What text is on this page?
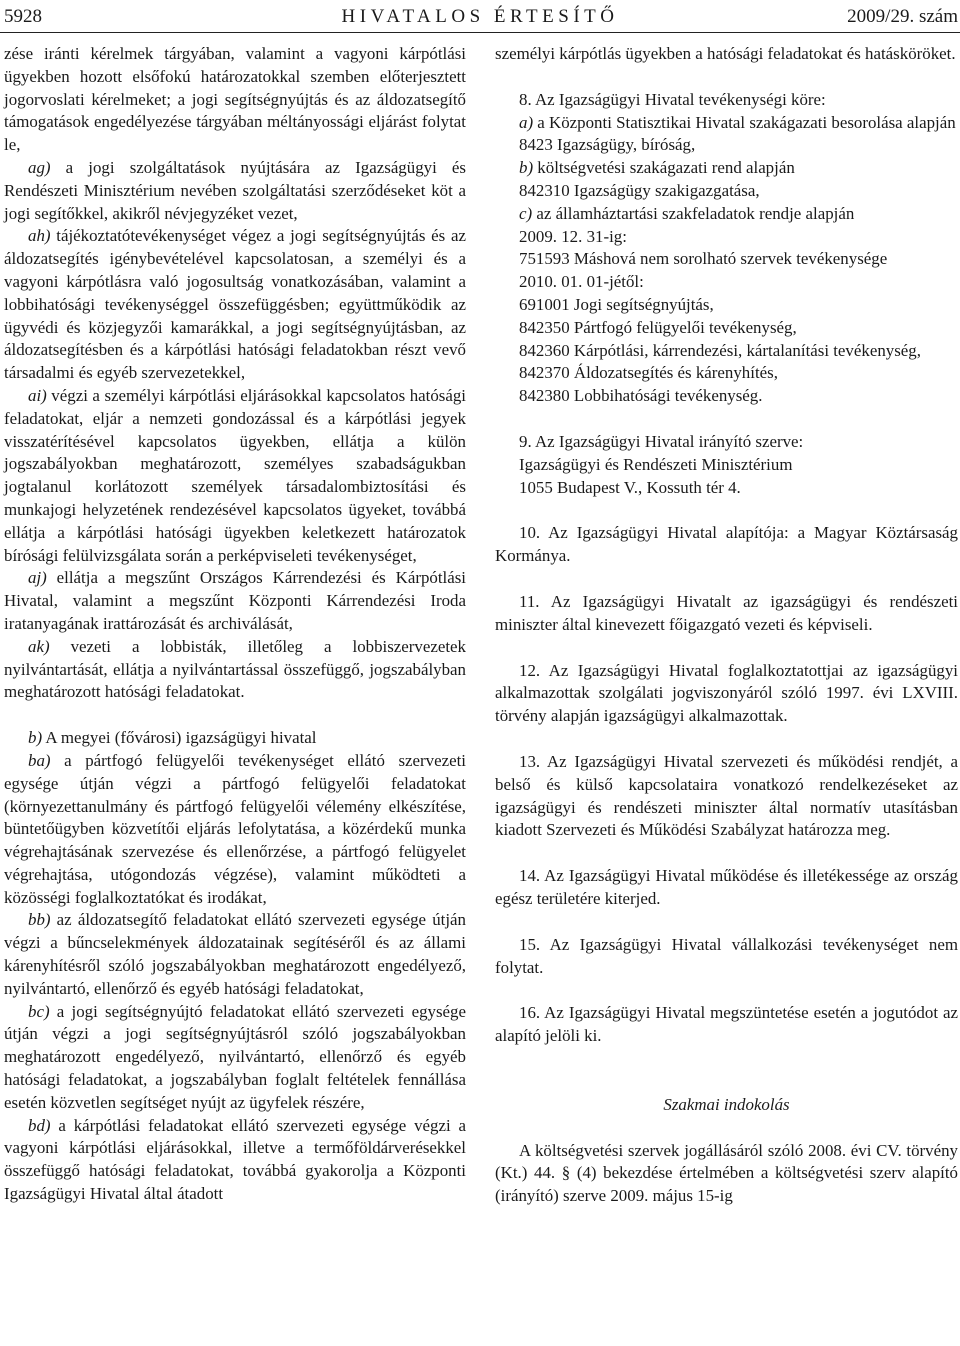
5928	HIVATALOS ÉRTESÍTŐ	2009/29. szám

zése iránti kérelmek tárgyában, valamint a vagyoni kárpótlási ügyekben hozott elsőfokú határozatokkal szemben előterjesztett jogorvoslati kérelmeket; a jogi segítségnyújtás és az áldozatsegítő támogatások engedélyezése tárgyában méltányossági eljárást folytat le,

ag) a jogi szolgáltatások nyújtására az Igazságügyi és Rendészeti Minisztérium nevében szolgáltatási szerződéseket köt a jogi segítőkkel, akikről névjegyzéket vezet,

ah) tájékoztatótevékenységet végez a jogi segítségnyújtás és az áldozatsegítés igénybevételével kapcsolatosan, a személyi és a vagyoni kárpótlásra való jogosultság vonatkozásában, valamint a lobbihatósági tevékenységgel összefüggésben; együttműködik az ügyvédi és közjegyzői kamarákkal, a jogi segítségnyújtásban, az áldozatsegítésben és a kárpótlási hatósági feladatokban részt vevő társadalmi és egyéb szervezetekkel,

ai) végzi a személyi kárpótlási eljárásokkal kapcsolatos hatósági feladatokat, eljár a nemzeti gondozással és a kárpótlási jegyek visszatérítésével kapcsolatos ügyekben, ellátja a külön jogszabályokban meghatározott, személyes szabadságukban jogtalanul korlátozott személyek társadalombiztosítási és munkajogi helyzetének rendezésével kapcsolatos ügyeket, továbbá ellátja a kárpótlási hatósági ügyekben keletkezett határozatok bírósági felülvizsgálata során a perképviseleti tevékenységet,

aj) ellátja a megszűnt Országos Kárrendezési és Kárpótlási Hivatal, valamint a megszűnt Központi Kárrendezési Iroda iratanyagának irattározását és archiválását,

ak) vezeti a lobbisták, illetőleg a lobbiszervezetek nyilvántartását, ellátja a nyilvántartással összefüggő, jogszabályban meghatározott hatósági feladatokat.

b) A megyei (fővárosi) igazságügyi hivatal

ba) a pártfogó felügyelői tevékenységet ellátó szervezeti egysége útján végzi a pártfogó felügyelői feladatokat (környezettanulmány és pártfogó felügyelői vélemény elkészítése, büntetőügyben közvetítői eljárás lefolytatása, a közérdekű munka végrehajtásának szervezése és ellenőrzése, a pártfogó felügyelet végrehajtása, utógondozás végzése), valamint működteti a közösségi foglalkoztatókat és irodákat,

bb) az áldozatsegítő feladatokat ellátó szervezeti egysége útján végzi a bűncselekmények áldozatainak segítéséről és az állami kárenyhítésről szóló jogszabályokban meghatározott engedélyező, nyilvántartó, ellenőrző és egyéb hatósági feladatokat,

bc) a jogi segítségnyújtó feladatokat ellátó szervezeti egysége útján végzi a jogi segítségnyújtásról szóló jogszabályokban meghatározott engedélyező, nyilvántartó, ellenőrző és egyéb hatósági feladatokat, a jogszabályban foglalt feltételek fennállása esetén közvetlen segítséget nyújt az ügyfelek részére,

bd) a kárpótlási feladatokat ellátó szervezeti egysége végzi a vagyoni kárpótlási eljárásokkal, illetve a termőföldárverésekkel összefüggő hatósági feladatokat, továbbá gyakorolja a Központi Igazságügyi Hivatal által átadott

személyi kárpótlás ügyekben a hatósági feladatokat és hatásköröket.

8. Az Igazságügyi Hivatal tevékenységi köre:

a) a Központi Statisztikai Hivatal szakágazati besorolása alapján

8423 Igazságügy, bíróság,

b) költségvetési szakágazati rend alapján

842310 Igazságügy szakigazgatása,

c) az államháztartási szakfeladatok rendje alapján

2009. 12. 31-ig:

751593 Máshová nem sorolható szervek tevékenysége

2010. 01. 01-jétől:

691001 Jogi segítségnyújtás,

842350 Pártfogó felügyelői tevékenység,

842360 Kárpótlási, kárrendezési, kártalanítási tevékenység,

842370 Áldozatsegítés és kárenyhítés,

842380 Lobbihatósági tevékenység.

9. Az Igazságügyi Hivatal irányító szerve:

Igazságügyi és Rendészeti Minisztérium

1055 Budapest V., Kossuth tér 4.

10. Az Igazságügyi Hivatal alapítója: a Magyar Köztársaság Kormánya.

11. Az Igazságügyi Hivatalt az igazságügyi és rendészeti miniszter által kinevezett főigazgató vezeti és képviseli.

12. Az Igazságügyi Hivatal foglalkoztatottjai az igazságügyi alkalmazottak szolgálati jogviszonyáról szóló 1997. évi LXVIII. törvény alapján igazságügyi alkalmazottak.

13. Az Igazságügyi Hivatal szervezeti és működési rendjét, a belső és külső kapcsolataira vonatkozó rendelkezéseket az igazságügyi és rendészeti miniszter által normatív utasításban kiadott Szervezeti és Működési Szabályzat határozza meg.

14. Az Igazságügyi Hivatal működése és illetékessége az ország egész területére kiterjed.

15. Az Igazságügyi Hivatal vállalkozási tevékenységet nem folytat.

16. Az Igazságügyi Hivatal megszüntetése esetén a jogutódot az alapító jelöli ki.

Szakmai indokolás

A költségvetési szervek jogállásáról szóló 2008. évi CV. törvény (Kt.) 44. § (4) bekezdése értelmében a költségvetési szerv alapító (irányító) szerve 2009. május 15-ig
